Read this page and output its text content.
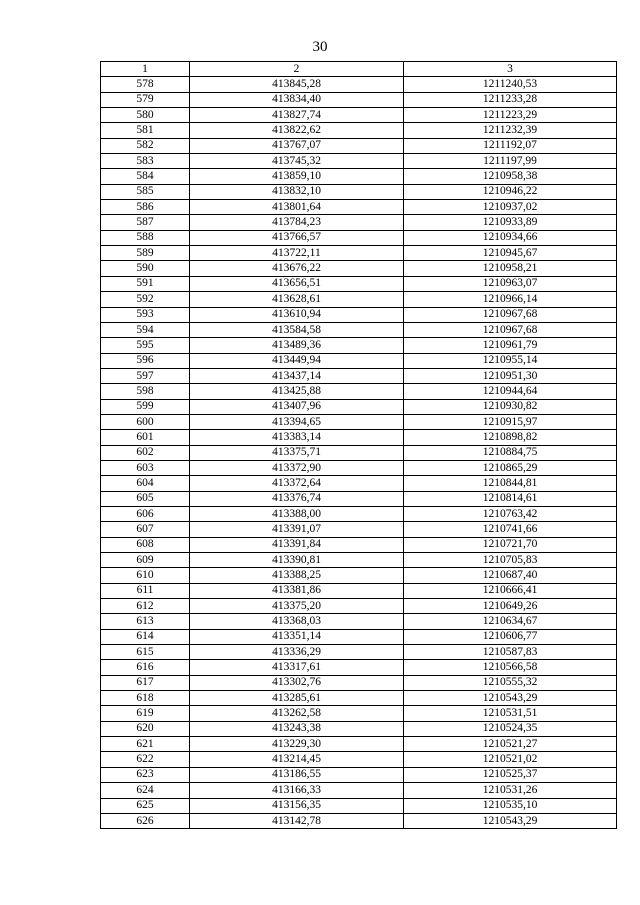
30
1	2	3
578	413845,28	1211240,53
579	413834,40	1211233,28
580	413827,74	1211223,29
581	413822,62	1211232,39
582	413767,07	1211192,07
583	413745,32	1211197,99
584	413859,10	1210958,38
585	413832,10	1210946,22
586	413801,64	1210937,02
587	413784,23	1210933,89
588	413766,57	1210934,66
589	413722,11	1210945,67
590	413676,22	1210958,21
591	413656,51	1210963,07
592	413628,61	1210966,14
593	413610,94	1210967,68
594	413584,58	1210967,68
595	413489,36	1210961,79
596	413449,94	1210955,14
597	413437,14	1210951,30
598	413425,88	1210944,64
599	413407,96	1210930,82
600	413394,65	1210915,97
601	413383,14	1210898,82
602	413375,71	1210884,75
603	413372,90	1210865,29
604	413372,64	1210844,81
605	413376,74	1210814,61
606	413388,00	1210763,42
607	413391,07	1210741,66
608	413391,84	1210721,70
609	413390,81	1210705,83
610	413388,25	1210687,40
611	413381,86	1210666,41
612	413375,20	1210649,26
613	413368,03	1210634,67
614	413351,14	1210606,77
615	413336,29	1210587,83
616	413317,61	1210566,58
617	413302,76	1210555,32
618	413285,61	1210543,29
619	413262,58	1210531,51
620	413243,38	1210524,35
621	413229,30	1210521,27
622	413214,45	1210521,02
623	413186,55	1210525,37
624	413166,33	1210531,26
625	413156,35	1210535,10
626	413142,78	1210543,29
